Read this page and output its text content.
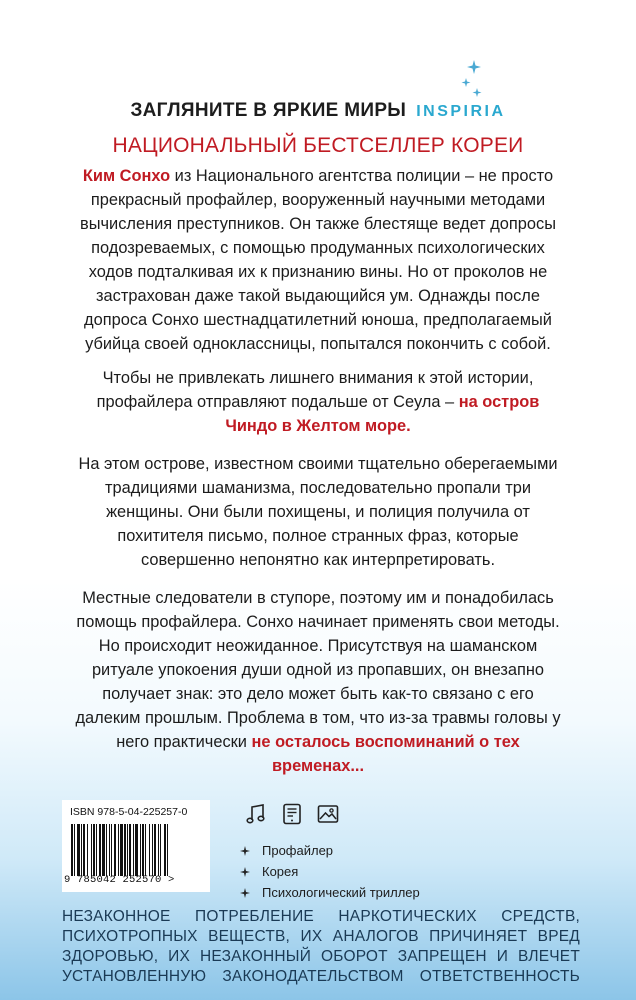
ЗАГЛЯНИТЕ В ЯРКИЕ МИРЫ INSPIRIA
НАЦИОНАЛЬНЫЙ БЕСТСЕЛЛЕР КОРЕИ

Ким Сонхо из Национального агентства полиции – не просто прекрасный профайлер, вооруженный научными методами вычисления преступников. Он также блестяще ведет допросы подозреваемых, с помощью продуманных психологических ходов подталкивая их к признанию вины. Но от проколов не застрахован даже такой выдающийся ум. Однажды после допроса Сонхо шестнадцатилетний юноша, предполагаемый убийца своей одноклассницы, попытался покончить с собой.

Чтобы не привлекать лишнего внимания к этой истории, профайлера отправляют подальше от Сеула – на остров Чиндо в Желтом море.

На этом острове, известном своими тщательно оберегаемыми традициями шаманизма, последовательно пропали три женщины. Они были похищены, и полиция получила от похитителя письмо, полное странных фраз, которые совершенно непонятно как интерпретировать.

Местные следователи в ступоре, поэтому им и понадобилась помощь профайлера. Сонхо начинает применять свои методы. Но происходит неожиданное. Присутствуя на шаманском ритуале упокоения души одной из пропавших, он внезапно получает знак: это дело может быть как-то связано с его далеким прошлым. Проблема в том, что из-за травмы головы у него практически не осталось воспоминаний о тех временах...

ISBN 978-5-04-225257-0
9 785042 252570 >
Профайлер
Корея
Психологический триллер
НЕЗАКОННОЕ ПОТРЕБЛЕНИЕ НАРКОТИЧЕСКИХ СРЕДСТВ, ПСИХОТРОПНЫХ ВЕЩЕСТВ, ИХ АНАЛОГОВ ПРИЧИНЯЕТ ВРЕД ЗДОРОВЬЮ, ИХ НЕЗАКОННЫЙ ОБОРОТ ЗАПРЕЩЕН И ВЛЕЧЕТ УСТАНОВЛЕННУЮ ЗАКОНОДАТЕЛЬСТВОМ ОТВЕТСТВЕННОСТЬ
